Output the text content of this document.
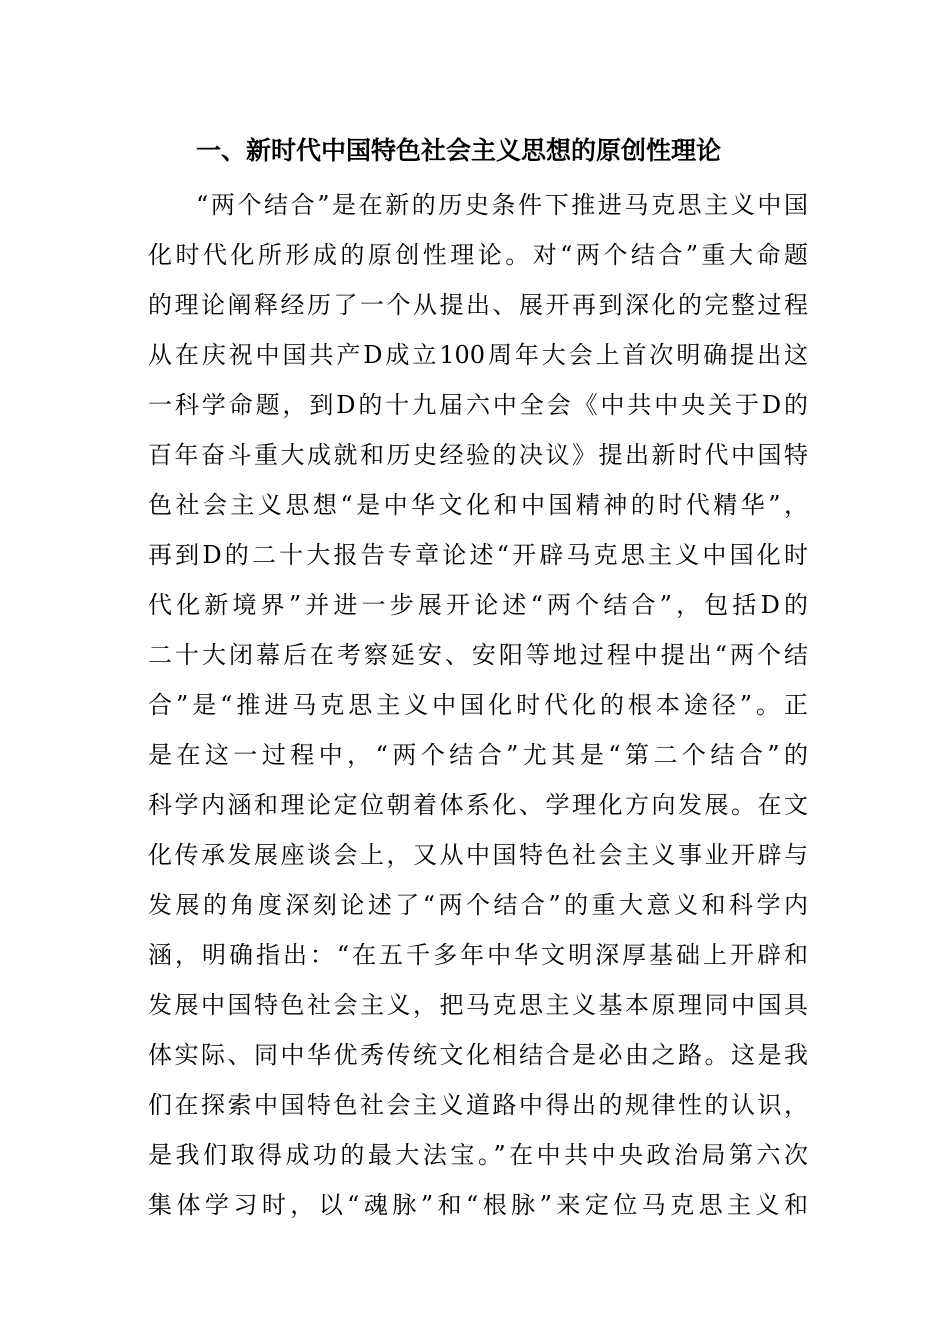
一、新时代中国特色社会主义思想的原创性理论
“两个结合”是在新的历史条件下推进马克思主义中国
化时代化所形成的原创性理论。对“两个结合”重大命题
的理论阐释经历了一个从提出、展开再到深化的完整过程
从在庆祝中国共产D成立100周年大会上首次明确提出这
一科学命题，到D的十九届六中全会《中共中央关于D的
百年奋斗重大成就和历史经验的决议》提出新时代中国特
色社会主义思想“是中华文化和中国精神的时代精华”，
再到D的二十大报告专章论述“开辟马克思主义中国化时
代化新境界”并进一步展开论述“两个结合”，包括D的
二十大闭幕后在考察延安、安阳等地过程中提出“两个结
合”是“推进马克思主义中国化时代化的根本途径”。正
是在这一过程中，“两个结合”尤其是“第二个结合”的
科学内涵和理论定位朝着体系化、学理化方向发展。在文
化传承发展座谈会上，又从中国特色社会主义事业开辟与
发展的角度深刻论述了“两个结合”的重大意义和科学内
涵，明确指出：“在五千多年中华文明深厚基础上开辟和
发展中国特色社会主义，把马克思主义基本原理同中国具
体实际、同中华优秀传统文化相结合是必由之路。这是我
们在探索中国特色社会主义道路中得出的规律性的认识，
是我们取得成功的最大法宝。”在中共中央政治局第六次
集体学习时，以“魂脉”和“根脉”来定位马克思主义和
